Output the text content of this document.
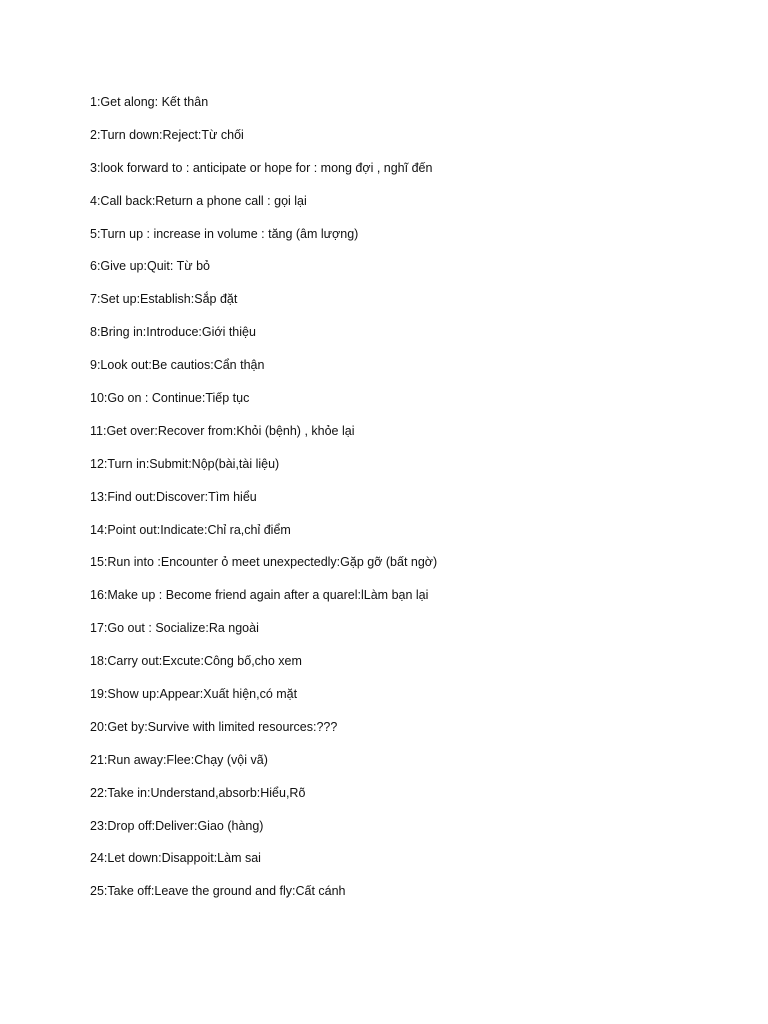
1:Get along: Kết thân
2:Turn down:Reject:Từ chối
3:look forward to : anticipate or hope for : mong đợi , nghĩ đến
4:Call back:Return a phone call : gọi lại
5:Turn up : increase in volume : tăng (âm lượng)
6:Give up:Quit: Từ bỏ
7:Set up:Establish:Sắp đặt
8:Bring in:Introduce:Giới thiệu
9:Look out:Be cautios:Cẩn thận
10:Go on : Continue:Tiếp tục
11:Get over:Recover from:Khỏi (bệnh) , khỏe lại
12:Turn in:Submit:Nộp(bài,tài liệu)
13:Find out:Discover:Tìm hiểu
14:Point out:Indicate:Chỉ ra,chỉ điểm
15:Run into :Encounter ỏ meet unexpectedly:Gặp gỡ (bất ngờ)
16:Make up : Become friend again after a quarel:lLàm bạn lại
17:Go out : Socialize:Ra ngoài
18:Carry out:Excute:Công bố,cho xem
19:Show up:Appear:Xuất hiện,có mặt
20:Get by:Survive with limited resources:???
21:Run away:Flee:Chạy (vội vã)
22:Take in:Understand,absorb:Hiểu,Rõ
23:Drop off:Deliver:Giao (hàng)
24:Let down:Disappoit:Làm sai
25:Take off:Leave the ground and fly:Cất cánh
